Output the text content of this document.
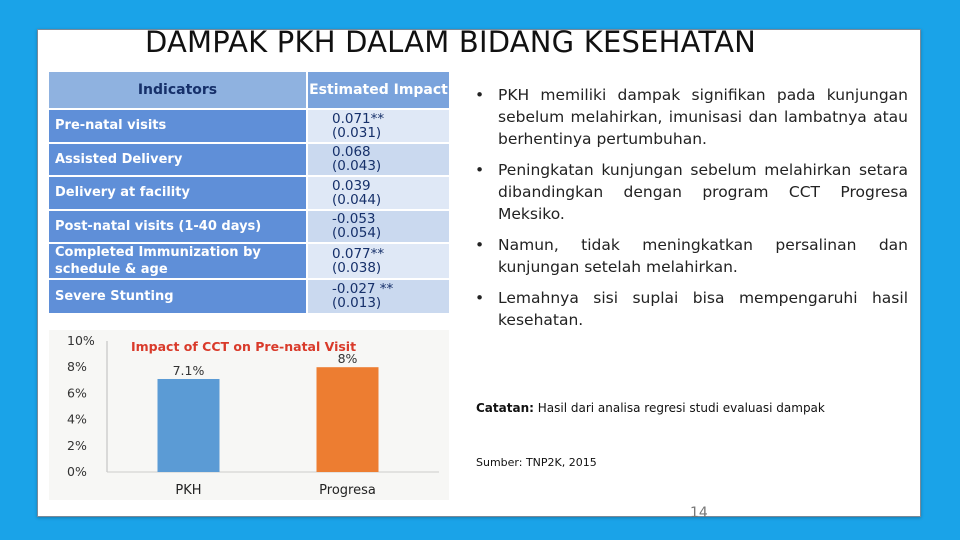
DAMPAK PKH DALAM BIDANG KESEHATAN
Indicators	Estimated Impact
Pre-natal visits	0.071**
(0.031)
Assisted Delivery	0.068
(0.043)
Delivery at facility	0.039
(0.044)
Post-natal visits (1-40 days)	-0.053
(0.054)
Completed Immunization by schedule & age	0.077**
(0.038)
Severe Stunting	-0.027 **
(0.013)
0%
2%
4%
6%
8%
10%
7.1%
PKH
8%
Progresa
Impact of CCT on Pre-natal Visit
• PKH memiliki dampak signifikan pada kunjungan sebelum melahirkan, imunisasi dan lambatnya atau berhentinya pertumbuhan.
• Peningkatan kunjungan sebelum melahirkan setara dibandingkan dengan program CCT Progresa Meksiko.
• Namun, tidak meningkatkan persalinan dan kunjungan setelah melahirkan.
• Lemahnya sisi suplai bisa mempengaruhi hasil kesehatan.
Catatan: Hasil dari analisa regresi studi evaluasi dampak
Sumber: TNP2K, 2015
14
